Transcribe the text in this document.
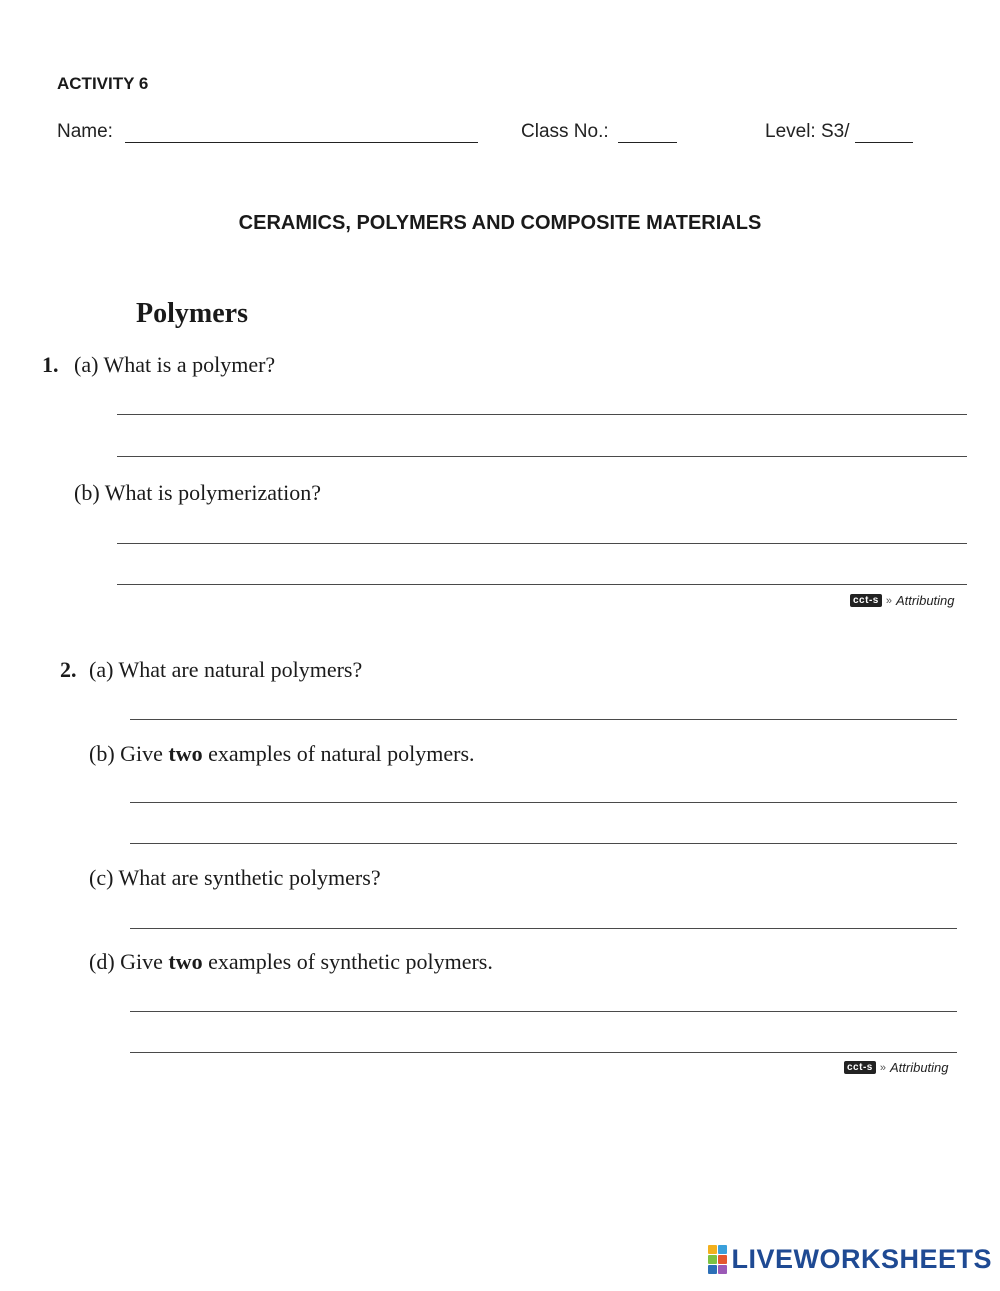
ACTIVITY 6
Name:	Class No.:	Level: S3/
CERAMICS, POLYMERS AND COMPOSITE MATERIALS
Polymers
1. (a) What is a polymer?
(b) What is polymerization?
cct-s » Attributing
2. (a) What are natural polymers?
(b) Give two examples of natural polymers.
(c) What are synthetic polymers?
(d) Give two examples of synthetic polymers.
cct-s » Attributing
LIVEWORKSHEETS
